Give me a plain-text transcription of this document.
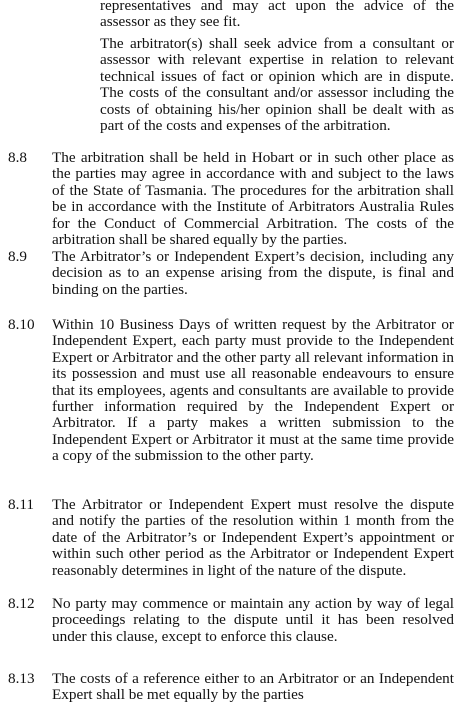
representatives and may act upon the advice of the assessor as they see fit.

The arbitrator(s) shall seek advice from a consultant or assessor with relevant expertise in relation to relevant technical issues of fact or opinion which are in dispute. The costs of the consultant and/or assessor including the costs of obtaining his/her opinion shall be dealt with as part of the costs and expenses of the arbitration.

8.8 The arbitration shall be held in Hobart or in such other place as the parties may agree in accordance with and subject to the laws of the State of Tasmania. The procedures for the arbitration shall be in accordance with the Institute of Arbitrators Australia Rules for the Conduct of Commercial Arbitration. The costs of the arbitration shall be shared equally by the parties.

8.9 The Arbitrator’s or Independent Expert’s decision, including any decision as to an expense arising from the dispute, is final and binding on the parties.

8.10 Within 10 Business Days of written request by the Arbitrator or Independent Expert, each party must provide to the Independent Expert or Arbitrator and the other party all relevant information in its possession and must use all reasonable endeavours to ensure that its employees, agents and consultants are available to provide further information required by the Independent Expert or Arbitrator. If a party makes a written submission to the Independent Expert or Arbitrator it must at the same time provide a copy of the submission to the other party.

8.11 The Arbitrator or Independent Expert must resolve the dispute and notify the parties of the resolution within 1 month from the date of the Arbitrator’s or Independent Expert’s appointment or within such other period as the Arbitrator or Independent Expert reasonably determines in light of the nature of the dispute.

8.12 No party may commence or maintain any action by way of legal proceedings relating to the dispute until it has been resolved under this clause, except to enforce this clause.

8.13 The costs of a reference either to an Arbitrator or an Independent Expert shall be met equally by the parties
